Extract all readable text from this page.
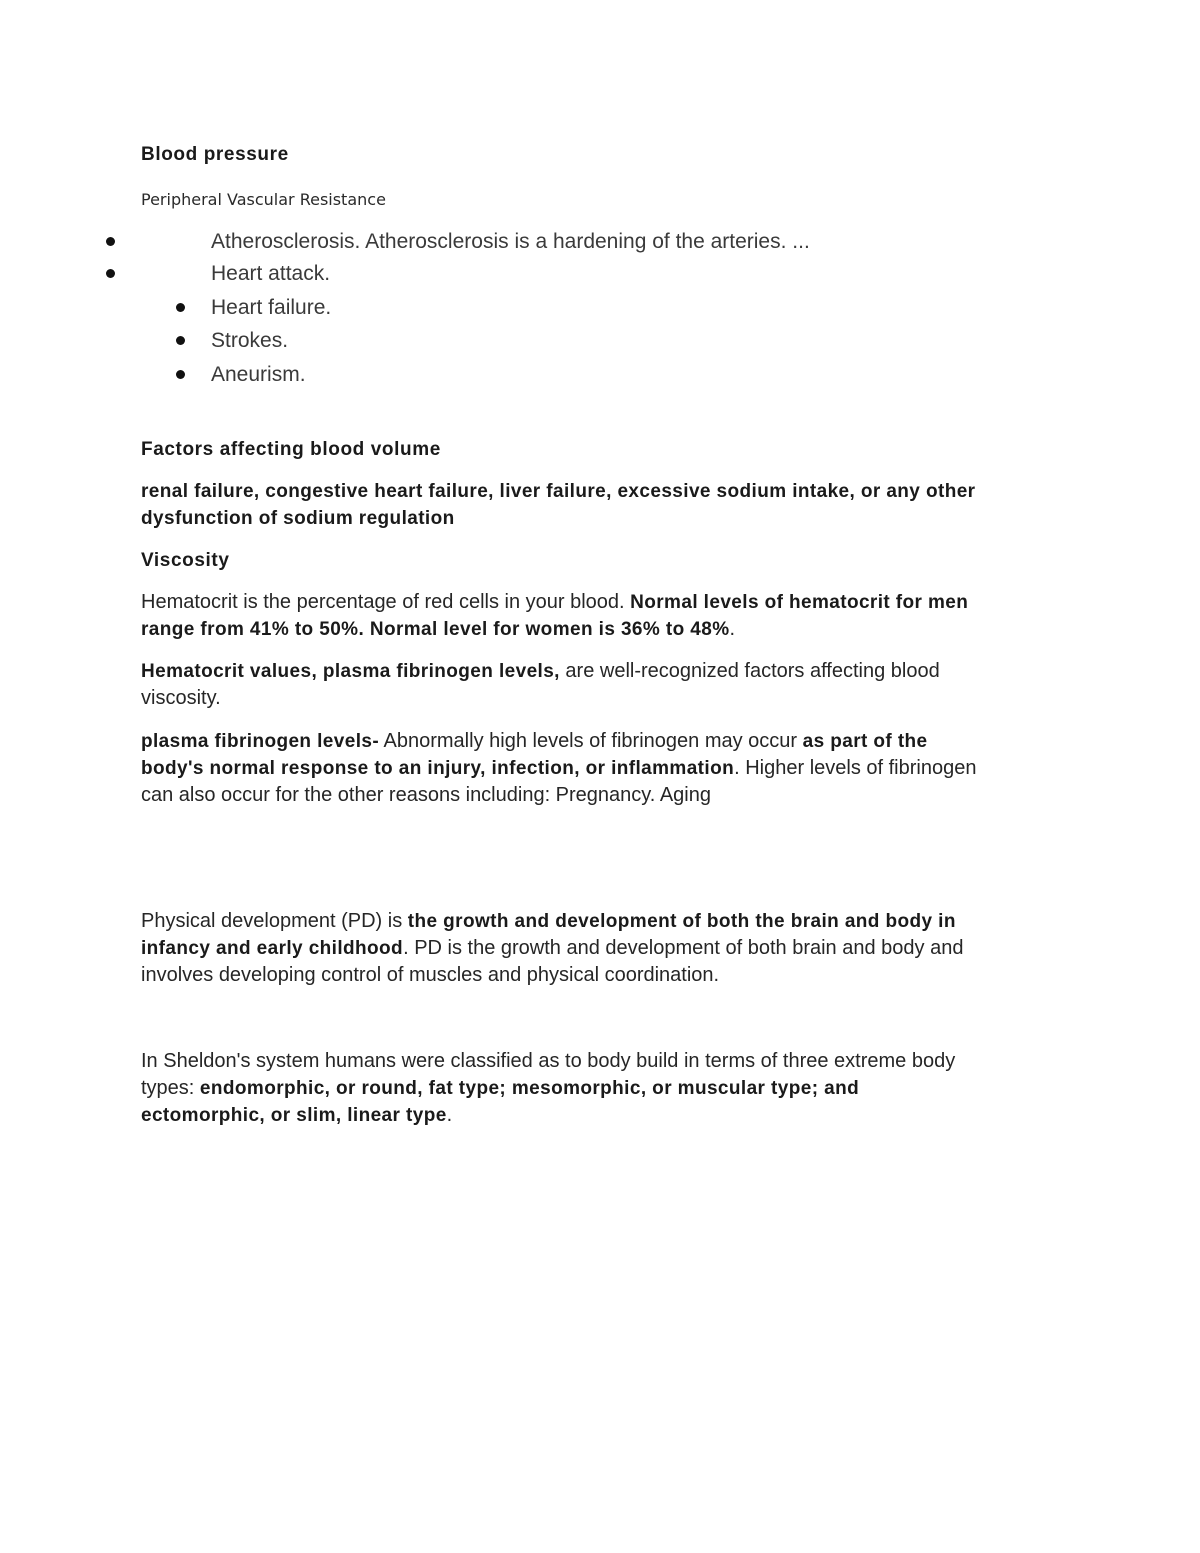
Blood pressure
Peripheral Vascular Resistance
Atherosclerosis. Atherosclerosis is a hardening of the arteries. ...
Heart attack.
Heart failure.
Strokes.
Aneurism.
Factors affecting blood volume
renal failure, congestive heart failure, liver failure, excessive sodium intake, or any other
dysfunction of sodium regulation
Viscosity
Hematocrit is the percentage of red cells in your blood. Normal levels of hematocrit for men
range from 41% to 50%. Normal level for women is 36% to 48%.
Hematocrit values, plasma fibrinogen levels, are well-recognized factors affecting blood
viscosity.
plasma fibrinogen levels- Abnormally high levels of fibrinogen may occur as part of the
body's normal response to an injury, infection, or inflammation. Higher levels of fibrinogen
can also occur for the other reasons including: Pregnancy. Aging
Physical development (PD) is the growth and development of both the brain and body in
infancy and early childhood. PD is the growth and development of both brain and body and
involves developing control of muscles and physical coordination.
In Sheldon's system humans were classified as to body build in terms of three extreme body
types: endomorphic, or round, fat type; mesomorphic, or muscular type; and
ectomorphic, or slim, linear type.
